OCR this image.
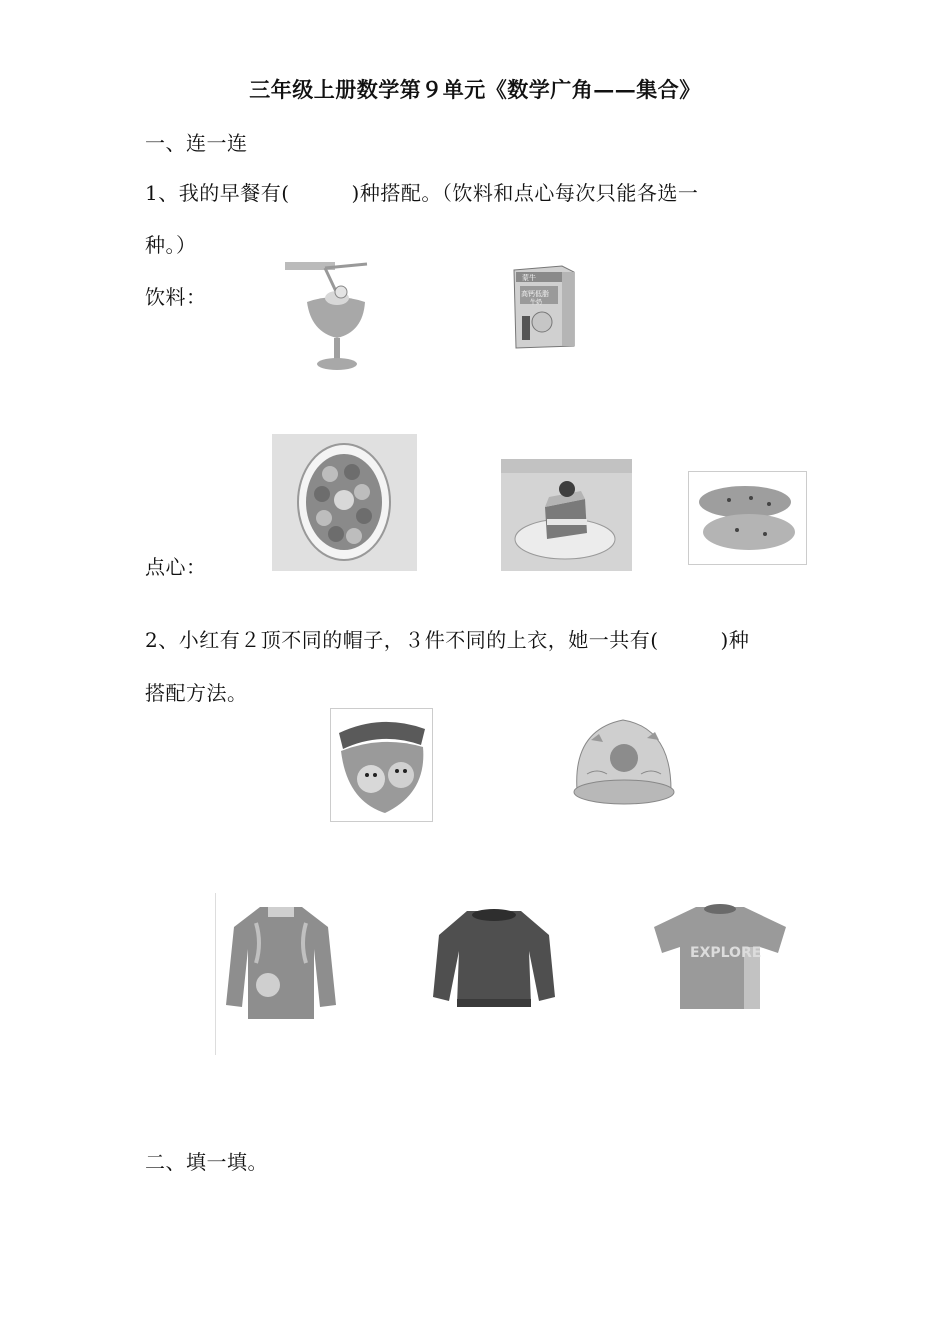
三年级上册数学第９单元《数学广角——集合》
一、连一连
1、我的早餐有(	)种搭配。（饮料和点心每次只能各选一
种。）
饮料：
蒙牛
高钙低脂
牛奶
点心：
2、小红有２顶不同的帽子，３件不同的上衣，她一共有(	)种
搭配方法。
EXPLORE
二、填一填。
